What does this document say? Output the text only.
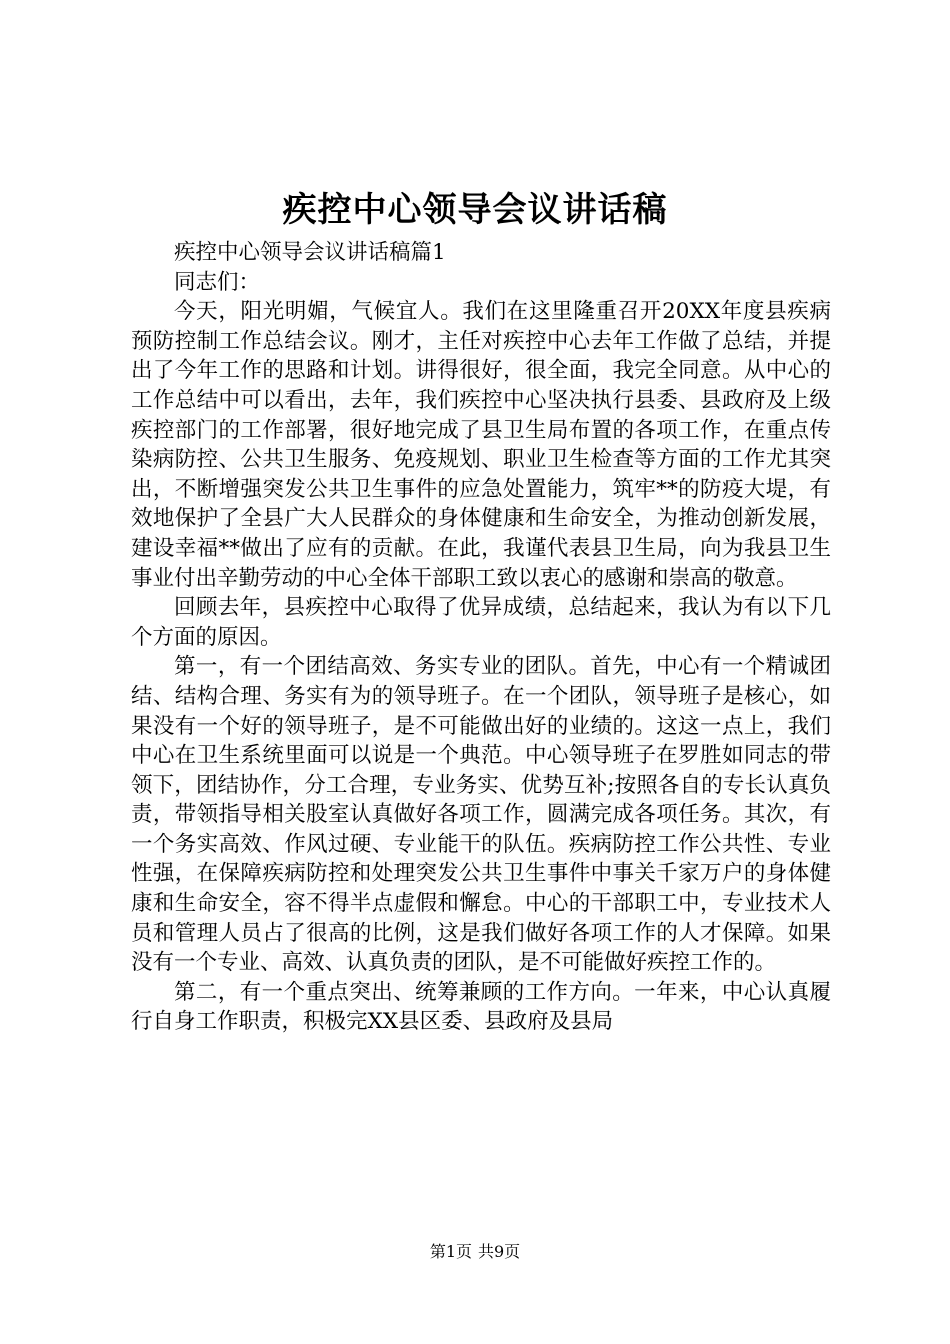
疾控中心领导会议讲话稿

疾控中心领导会议讲话稿篇1

同志们：

今天，阳光明媚，气候宜人。我们在这里隆重召开20XX年度县疾病预防控制工作总结会议。刚才，主任对疾控中心去年工作做了总结，并提出了今年工作的思路和计划。讲得很好，很全面，我完全同意。从中心的工作总结中可以看出，去年，我们疾控中心坚决执行县委、县政府及上级疾控部门的工作部署，很好地完成了县卫生局布置的各项工作，在重点传染病防控、公共卫生服务、免疫规划、职业卫生检查等方面的工作尤其突出，不断增强突发公共卫生事件的应急处置能力，筑牢**的防疫大堤，有效地保护了全县广大人民群众的身体健康和生命安全，为推动创新发展，建设幸福**做出了应有的贡献。在此，我谨代表县卫生局，向为我县卫生事业付出辛勤劳动的中心全体干部职工致以衷心的感谢和崇高的敬意。

回顾去年，县疾控中心取得了优异成绩，总结起来，我认为有以下几个方面的原因。

第一，有一个团结高效、务实专业的团队。首先，中心有一个精诚团结、结构合理、务实有为的领导班子。在一个团队，领导班子是核心，如果没有一个好的领导班子，是不可能做出好的业绩的。这这一点上，我们中心在卫生系统里面可以说是一个典范。中心领导班子在罗胜如同志的带领下，团结协作，分工合理，专业务实、优势互补;按照各自的专长认真负责，带领指导相关股室认真做好各项工作，圆满完成各项任务。其次，有一个务实高效、作风过硬、专业能干的队伍。疾病防控工作公共性、专业性强，在保障疾病防控和处理突发公共卫生事件中事关千家万户的身体健康和生命安全，容不得半点虚假和懈怠。中心的干部职工中，专业技术人员和管理人员占了很高的比例，这是我们做好各项工作的人才保障。如果没有一个专业、高效、认真负责的团队，是不可能做好疾控工作的。

第二，有一个重点突出、统筹兼顾的工作方向。一年来，中心认真履行自身工作职责，积极完XX县区委、县政府及县局

第1页 共9页
